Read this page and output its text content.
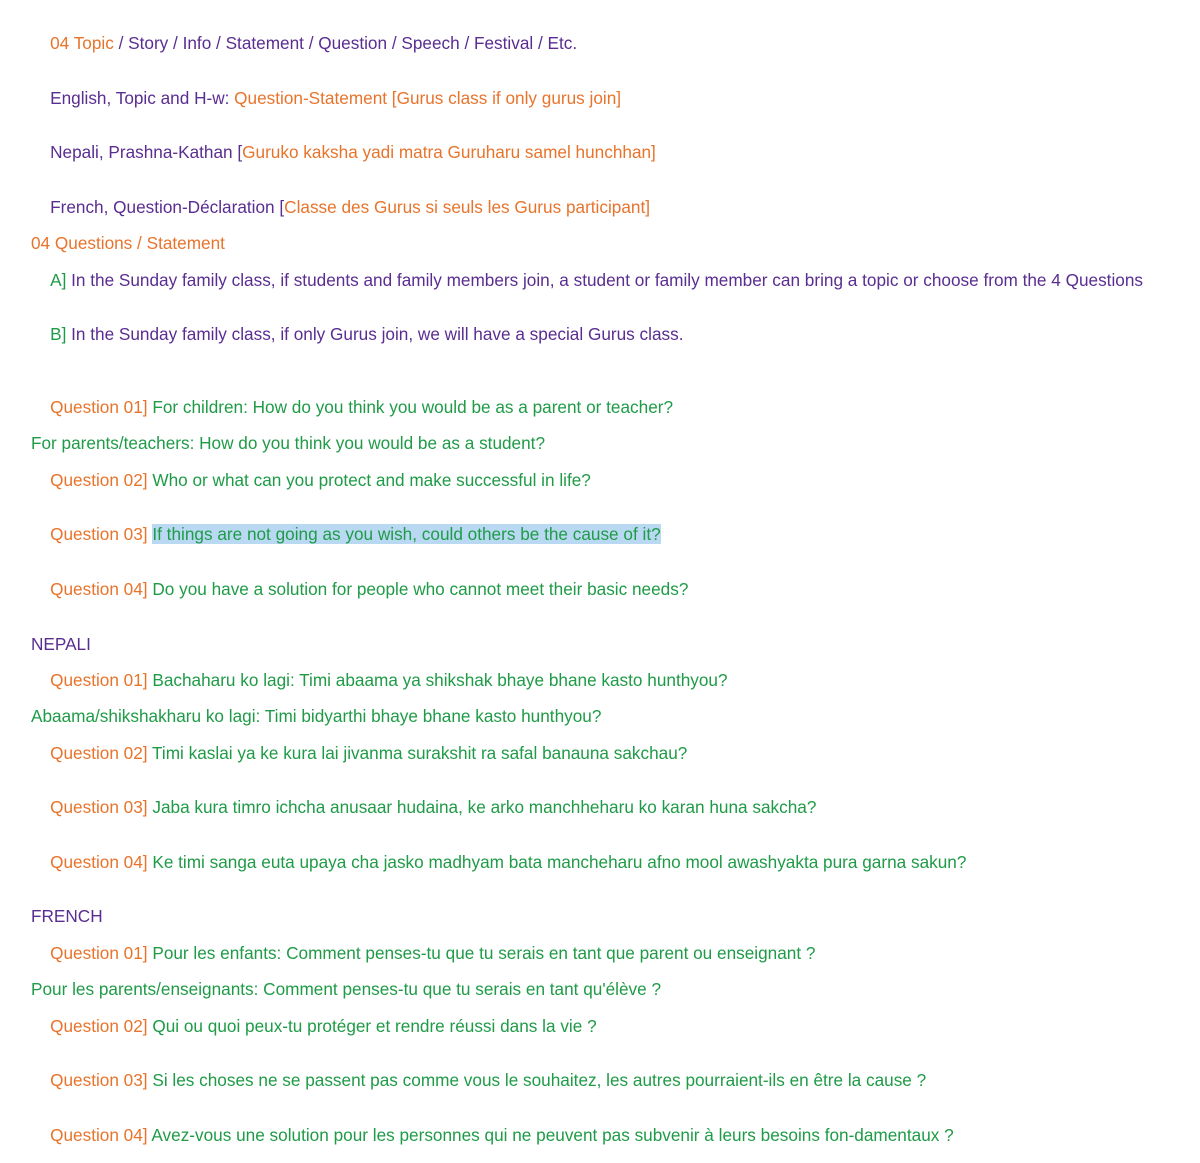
04 Topic / Story / Info / Statement / Question / Speech / Festival / Etc.

English, Topic and H-w: Question-Statement [Gurus class if only gurus join]

Nepali, Prashna-Kathan [Guruko kaksha yadi matra Guruharu samel hunchhan]

French, Question-Déclaration [Classe des Gurus si seuls les Gurus participant]

04 Questions / Statement

A] In the Sunday family class, if students and family members join, a student or family member can bring a topic or choose from the 4 Questions

B] In the Sunday family class, if only Gurus join, we will have a special Gurus class.

Question 01] For children: How do you think you would be as a parent or teacher?

For parents/teachers: How do you think you would be as a student?

Question 02] Who or what can you protect and make successful in life?

Question 03] If things are not going as you wish, could others be the cause of it?

Question 04] Do you have a solution for people who cannot meet their basic needs?

NEPALI

Question 01] Bachaharu ko lagi: Timi abaama ya shikshak bhaye bhane kasto hunthyou?

Abaama/shikshakharu ko lagi: Timi bidyarthi bhaye bhane kasto hunthyou?

Question 02] Timi kaslai ya ke kura lai jivanma surakshit ra safal banauna sakchau?

Question 03] Jaba kura timro ichcha anusaar hudaina, ke arko manchheharu ko karan huna sakcha?

Question 04] Ke timi sanga euta upaya cha jasko madhyam bata mancheharu afno mool awashyakta pura garna sakun?

FRENCH

Question 01] Pour les enfants: Comment penses-tu que tu serais en tant que parent ou enseignant ?

Pour les parents/enseignants: Comment penses-tu que tu serais en tant qu'élève ?

Question 02] Qui ou quoi peux-tu protéger et rendre réussi dans la vie ?

Question 03] Si les choses ne se passent pas comme vous le souhaitez, les autres pourraient-ils en être la cause ?

Question 04] Avez-vous une solution pour les personnes qui ne peuvent pas subvenir à leurs besoins fon-damentaux ?
